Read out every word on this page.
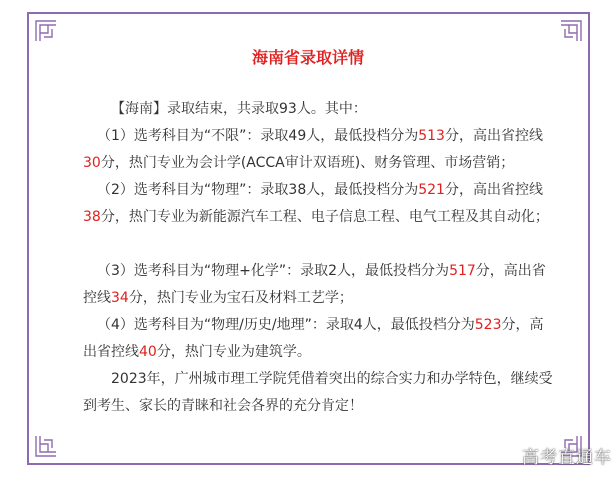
海南省录取详情

【海南】录取结束，共录取93人。其中：

（1）选考科目为“不限”：录取49人，最低投档分为513分，高出省控线30分，热门专业为会计学(ACCA审计双语班)、财务管理、市场营销；

（2）选考科目为“物理”：录取38人，最低投档分为521分，高出省控线38分，热门专业为新能源汽车工程、电子信息工程、电气工程及其自动化；

（3）选考科目为“物理+化学”：录取2人，最低投档分为517分，高出省控线34分，热门专业为宝石及材料工艺学；

（4）选考科目为“物理/历史/地理”：录取4人，最低投档分为523分，高出省控线40分，热门专业为建筑学。

2023年，广州城市理工学院凭借着突出的综合实力和办学特色，继续受到考生、家长的青睐和社会各界的充分肯定！

高考直通车
